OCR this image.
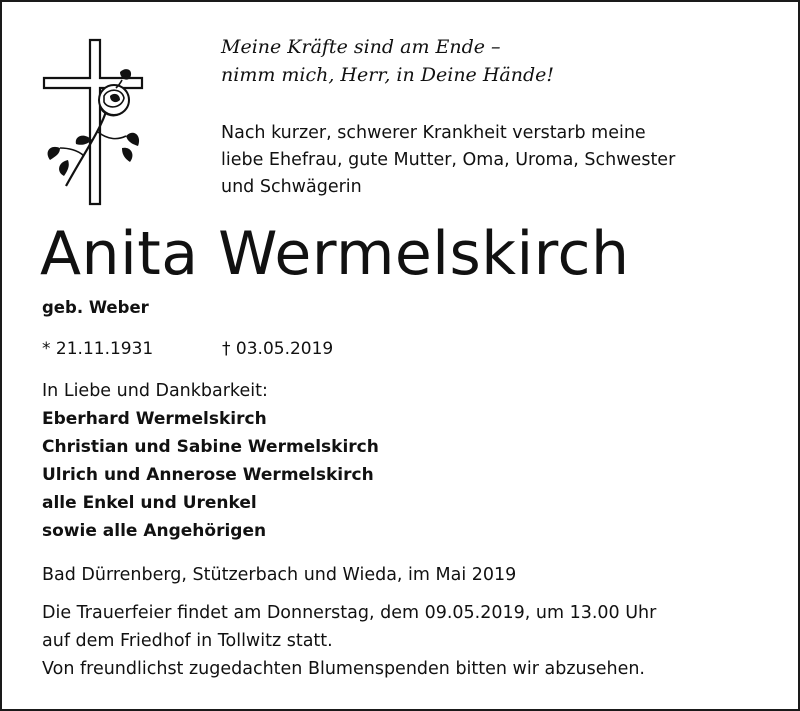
Meine Kräfte sind am Ende –
nimm mich, Herr, in Deine Hände!
Nach kurzer, schwerer Krankheit verstarb meine
liebe Ehefrau, gute Mutter, Oma, Uroma, Schwester
und Schwägerin
Anita Wermelskirch
geb. Weber
* 21.11.1931	† 03.05.2019
In Liebe und Dankbarkeit:
Eberhard Wermelskirch
Christian und Sabine Wermelskirch
Ulrich und Annerose Wermelskirch
alle Enkel und Urenkel
sowie alle Angehörigen
Bad Dürrenberg, Stützerbach und Wieda, im Mai 2019
Die Trauerfeier findet am Donnerstag, dem 09.05.2019, um 13.00 Uhr
auf dem Friedhof in Tollwitz statt.
Von freundlichst zugedachten Blumenspenden bitten wir abzusehen.
